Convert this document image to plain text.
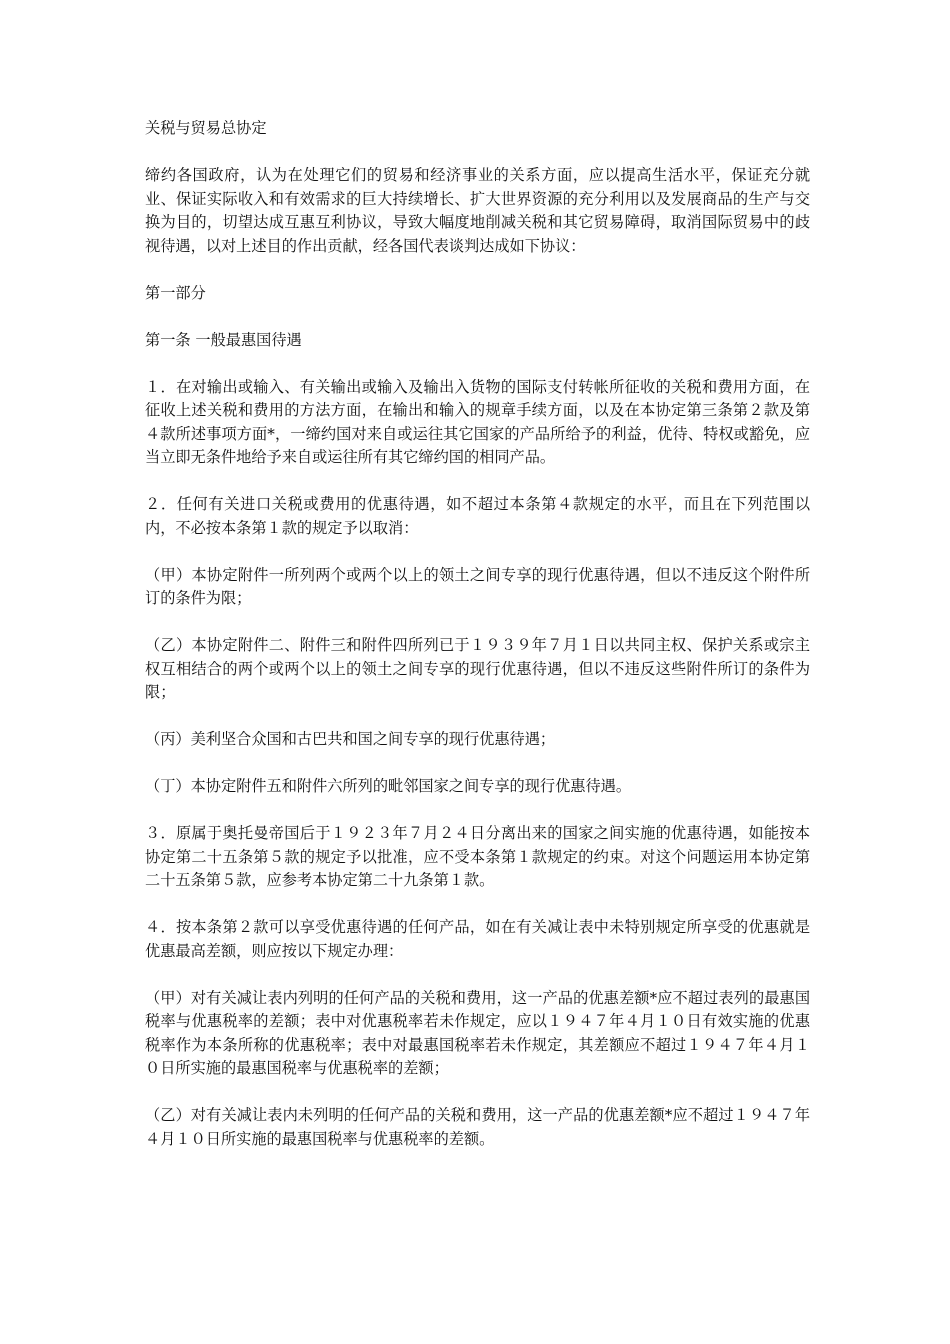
关税与贸易总协定

缔约各国政府，认为在处理它们的贸易和经济事业的关系方面，应以提高生活水平，保证充分就业、保证实际收入和有效需求的巨大持续增长、扩大世界资源的充分利用以及发展商品的生产与交换为目的，切望达成互惠互利协议，导致大幅度地削减关税和其它贸易障碍，取消国际贸易中的歧视待遇，以对上述目的作出贡献，经各国代表谈判达成如下协议：

第一部分

第一条 一般最惠国待遇

１．在对输出或输入、有关输出或输入及输出入货物的国际支付转帐所征收的关税和费用方面，在征收上述关税和费用的方法方面，在输出和输入的规章手续方面，以及在本协定第三条第２款及第４款所述事项方面*，一缔约国对来自或运往其它国家的产品所给予的利益，优待、特权或豁免，应当立即无条件地给予来自或运往所有其它缔约国的相同产品。

２．任何有关进口关税或费用的优惠待遇，如不超过本条第４款规定的水平，而且在下列范围以内，不必按本条第１款的规定予以取消：

（甲）本协定附件一所列两个或两个以上的领土之间专享的现行优惠待遇，但以不违反这个附件所订的条件为限；

（乙）本协定附件二、附件三和附件四所列已于１９３９年７月１日以共同主权、保护关系或宗主权互相结合的两个或两个以上的领土之间专享的现行优惠待遇，但以不违反这些附件所订的条件为限；

（丙）美利坚合众国和古巴共和国之间专享的现行优惠待遇；

（丁）本协定附件五和附件六所列的毗邻国家之间专享的现行优惠待遇。

３．原属于奥托曼帝国后于１９２３年７月２４日分离出来的国家之间实施的优惠待遇，如能按本协定第二十五条第５款的规定予以批准，应不受本条第１款规定的约束。对这个问题运用本协定第二十五条第５款，应参考本协定第二十九条第１款。

４．按本条第２款可以享受优惠待遇的任何产品，如在有关减让表中未特别规定所享受的优惠就是优惠最高差额，则应按以下规定办理：

（甲）对有关减让表内列明的任何产品的关税和费用，这一产品的优惠差额*应不超过表列的最惠国税率与优惠税率的差额；表中对优惠税率若未作规定，应以１９４７年４月１０日有效实施的优惠税率作为本条所称的优惠税率；表中对最惠国税率若未作规定，其差额应不超过１９４７年４月１０日所实施的最惠国税率与优惠税率的差额；

（乙）对有关减让表内未列明的任何产品的关税和费用，这一产品的优惠差额*应不超过１９４７年４月１０日所实施的最惠国税率与优惠税率的差额。
